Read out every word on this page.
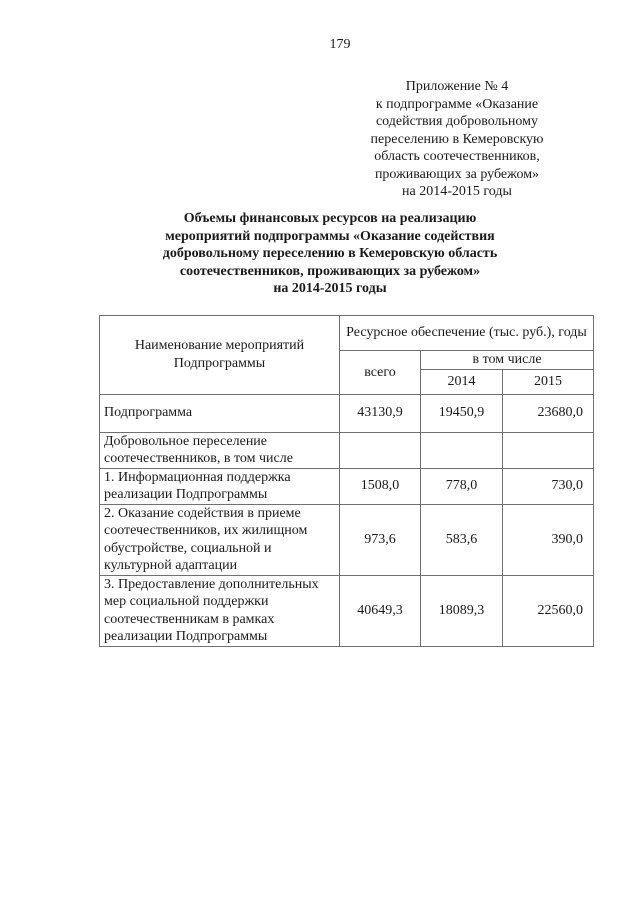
179
Приложение № 4
к подпрограмме «Оказание
содействия добровольному
переселению в Кемеровскую
область соотечественников,
проживающих за рубежом»
на 2014-2015 годы
Объемы финансовых ресурсов на реализацию
мероприятий подпрограммы «Оказание содействия
добровольному переселению в Кемеровскую область
соотечественников, проживающих за рубежом»
на 2014-2015 годы
Наименование мероприятий Подпрограммы	Ресурсное обеспечение (тыс. руб.), годы		
	всего	в том числе	
		2014	2015
Подпрограмма	43130,9	19450,9	23680,0
Добровольное переселение соотечественников, в том числе			
1. Информационная поддержка реализации Подпрограммы	1508,0	778,0	730,0
2. Оказание содействия в приеме соотечественников, их жилищном обустройстве, социальной и культурной адаптации	973,6	583,6	390,0
3. Предоставление дополнительных мер социальной поддержки соотечественникам в рамках реализации Подпрограммы	40649,3	18089,3	22560,0
